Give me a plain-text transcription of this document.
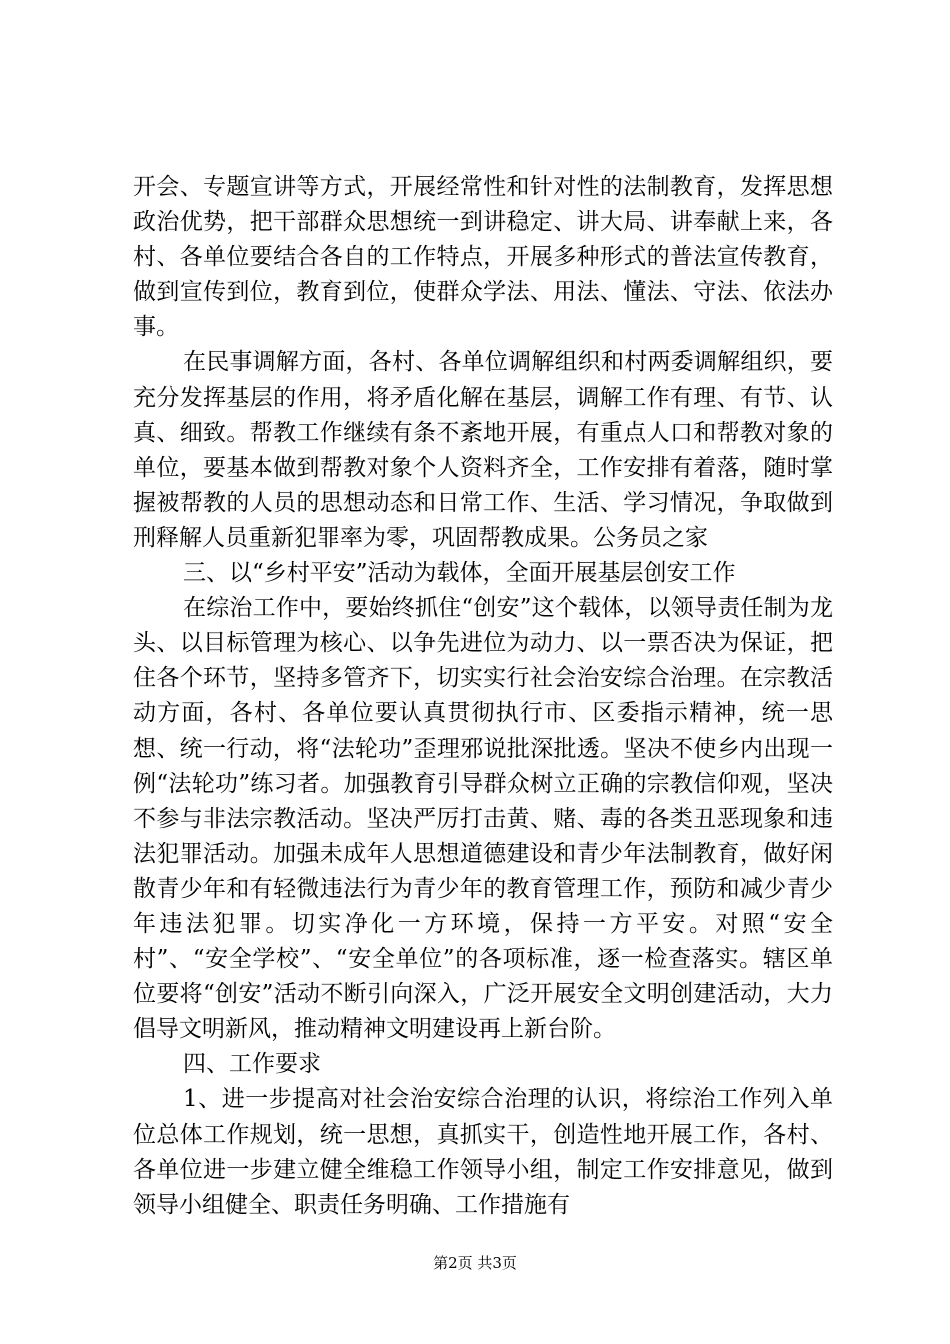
开会、专题宣讲等方式，开展经常性和针对性的法制教育，发挥思想政治优势，把干部群众思想统一到讲稳定、讲大局、讲奉献上来，各村、各单位要结合各自的工作特点，开展多种形式的普法宣传教育，做到宣传到位，教育到位，使群众学法、用法、懂法、守法、依法办事。

在民事调解方面，各村、各单位调解组织和村两委调解组织，要充分发挥基层的作用，将矛盾化解在基层，调解工作有理、有节、认真、细致。帮教工作继续有条不紊地开展，有重点人口和帮教对象的单位，要基本做到帮教对象个人资料齐全，工作安排有着落，随时掌握被帮教的人员的思想动态和日常工作、生活、学习情况，争取做到刑释解人员重新犯罪率为零，巩固帮教成果。公务员之家

三、以“乡村平安”活动为载体，全面开展基层创安工作

在综治工作中，要始终抓住“创安”这个载体，以领导责任制为龙头、以目标管理为核心、以争先进位为动力、以一票否决为保证，把住各个环节，坚持多管齐下，切实实行社会治安综合治理。在宗教活动方面，各村、各单位要认真贯彻执行市、区委指示精神，统一思想、统一行动，将“法轮功”歪理邪说批深批透。坚决不使乡内出现一例“法轮功”练习者。加强教育引导群众树立正确的宗教信仰观，坚决不参与非法宗教活动。坚决严厉打击黄、赌、毒的各类丑恶现象和违法犯罪活动。加强未成年人思想道德建设和青少年法制教育，做好闲散青少年和有轻微违法行为青少年的教育管理工作，预防和减少青少年违法犯罪。切实净化一方环境，保持一方平安。对照“安全村”、“安全学校”、“安全单位”的各项标准，逐一检查落实。辖区单位要将“创安”活动不断引向深入，广泛开展安全文明创建活动，大力倡导文明新风，推动精神文明建设再上新台阶。

四、工作要求

1、进一步提高对社会治安综合治理的认识，将综治工作列入单位总体工作规划，统一思想，真抓实干，创造性地开展工作，各村、各单位进一步建立健全维稳工作领导小组，制定工作安排意见，做到领导小组健全、职责任务明确、工作措施有

第2页 共3页
